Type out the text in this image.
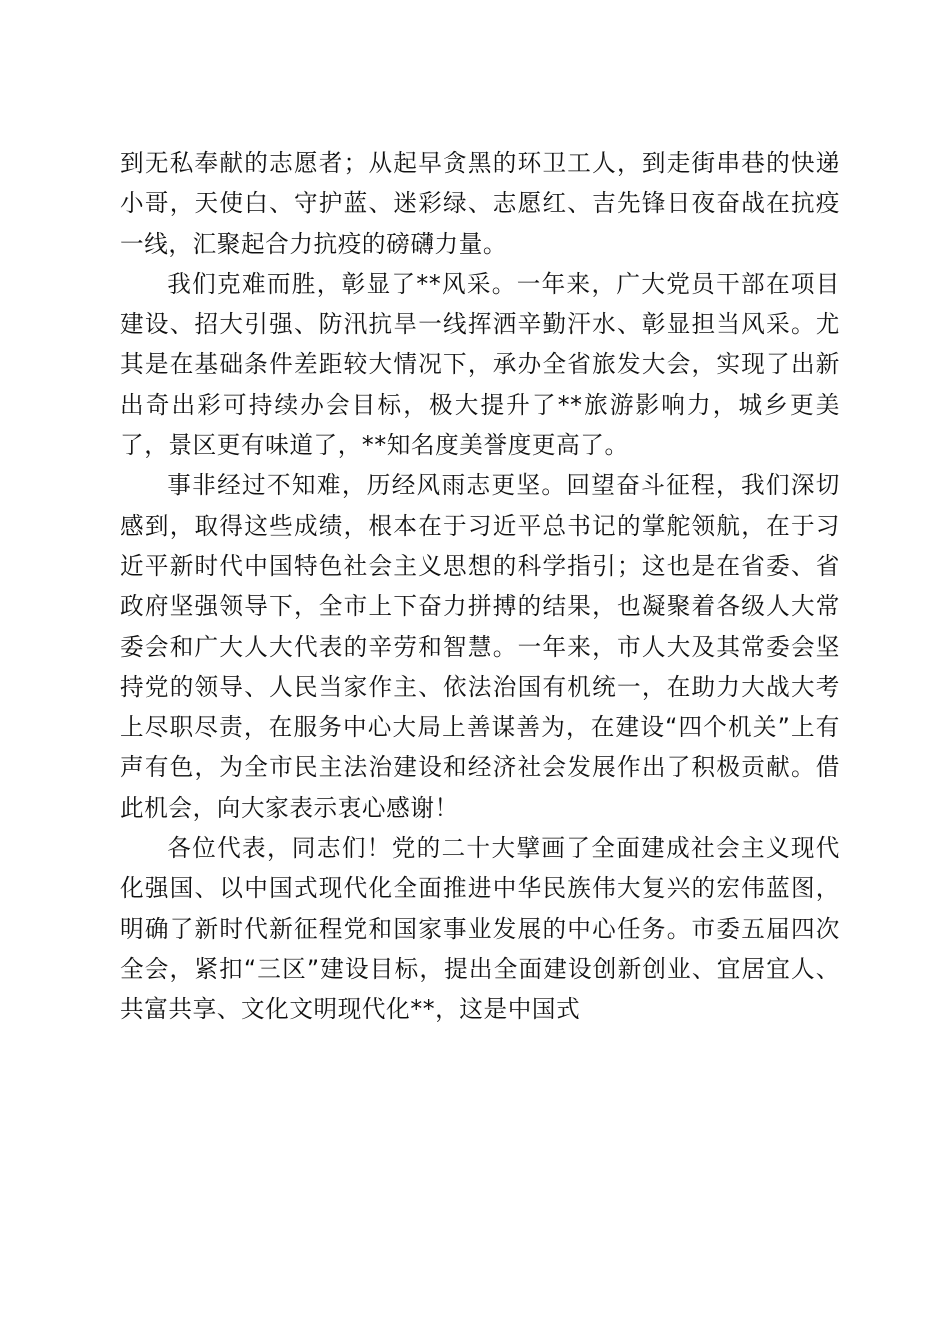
到无私奉献的志愿者；从起早贪黑的环卫工人，到走街串巷的快递小哥，天使白、守护蓝、迷彩绿、志愿红、吉先锋日夜奋战在抗疫一线，汇聚起合力抗疫的磅礴力量。

我们克难而胜，彰显了**风采。一年来，广大党员干部在项目建设、招大引强、防汛抗旱一线挥洒辛勤汗水、彰显担当风采。尤其是在基础条件差距较大情况下，承办全省旅发大会，实现了出新出奇出彩可持续办会目标，极大提升了**旅游影响力，城乡更美了，景区更有味道了，**知名度美誉度更高了。

事非经过不知难，历经风雨志更坚。回望奋斗征程，我们深切感到，取得这些成绩，根本在于习近平总书记的掌舵领航，在于习近平新时代中国特色社会主义思想的科学指引；这也是在省委、省政府坚强领导下，全市上下奋力拼搏的结果，也凝聚着各级人大常委会和广大人大代表的辛劳和智慧。一年来，市人大及其常委会坚持党的领导、人民当家作主、依法治国有机统一，在助力大战大考上尽职尽责，在服务中心大局上善谋善为，在建设“四个机关”上有声有色，为全市民主法治建设和经济社会发展作出了积极贡献。借此机会，向大家表示衷心感谢！

各位代表，同志们！党的二十大擘画了全面建成社会主义现代化强国、以中国式现代化全面推进中华民族伟大复兴的宏伟蓝图，明确了新时代新征程党和国家事业发展的中心任务。市委五届四次全会，紧扣“三区”建设目标，提出全面建设创新创业、宜居宜人、共富共享、文化文明现代化**，这是中国式
